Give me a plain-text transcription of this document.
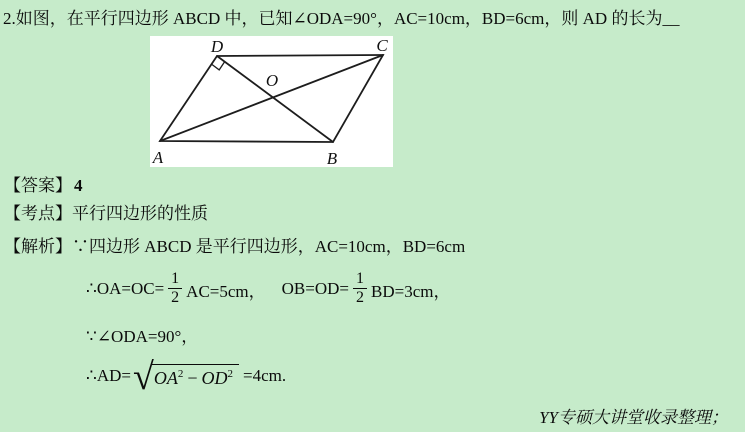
2.如图，在平行四边形 ABCD 中，已知∠ODA=90°，AC=10cm，BD=6cm，则 AD 的长为__
D	C
O
A	B
【答案】 4
【考点】平行四边形的性质
【解析】∵四边形 ABCD 是平行四边形，AC=10cm，BD=6cm
∴OA=OC= $\frac{1}{2} AC=5cm$， $OB=OD= \frac{1}{2} BD=3cm$，
∵∠ODA=90°，
∴AD= √ $OA^2 - OD^2 =4cm$.
YY专硕大讲堂收录整理；
